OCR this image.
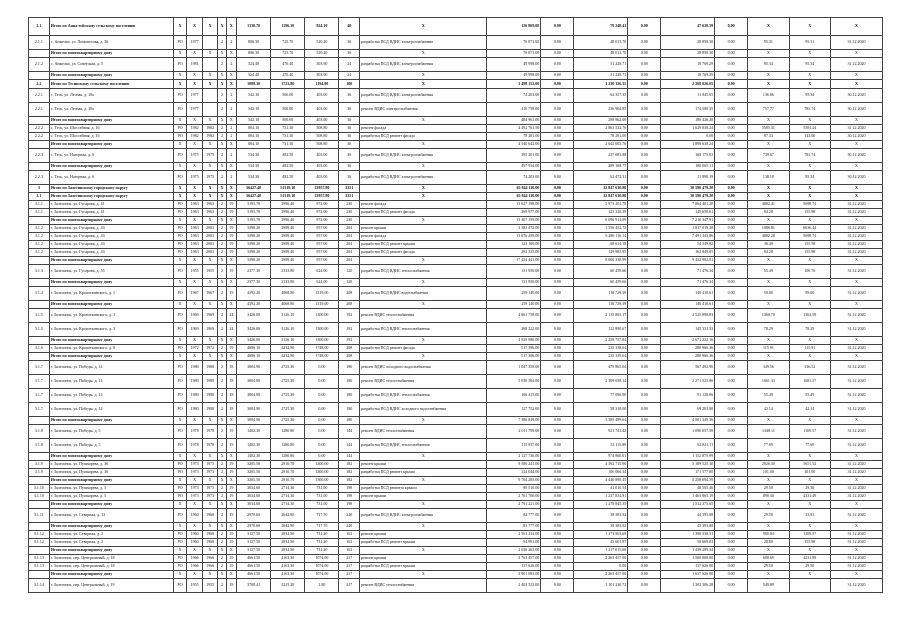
2.1	Итого по Анна-есйскому сельскому поселению	X	X	X	X	X	1330.70	1196.10	824.10	40	X	126 869.00	0.00	79 248.41	0.00	47 620.59	0.00	X	X	X
2.1.1	с. Анжелко, ул. Ломоносова, д. 36	РО	1977		2	2	806.30	725.70	520.20	36	разработка ПСД ВДИС электроснабжения	76 871.00	0.00	48 013.70	0.00	28 858.30	0.00	95.31	95.31	31.12.2020
	Итого по многоквартирному дому	X	X	X	X	X	806.30	725.70	520.20	36	X	76 871.00	0.00	48 013.70	0.00	28 858.30	0.00	X	X	X
2.1.2	с. Анжелко, ул. Советская, д. 5	РО	1981		2	2	524.40	470.40	303.90	24	разработка ПСД ВДИС электроснабжения	49 998.00	0.00	31 228.71	0.00	18 769.29	0.00	95.34	95.34	31.12.2020
	Итого по многоквартирному дому	X	X	X	X	X	524.40	470.40	303.90	24	X	49 998.00	0.00	31 228.71	0.00	18 769.29	0.00	X	X	X
2.2	Итого по Тесинскому сельскому поселению	X	X	X	X	X	1888.30	1723.80	1194.80	100	X	3 498 152.00	0.00	1 230 126.35	0.00	2 268 026.05	0.00	X	X	X
2.2.1	с. Тесь, ул. Лесная, д. 10а	РО	1977		2	2	542.10	500.00	403.00	36	разработка ПСД ВДИС электроснабжения	74 203.00	0.00	62 357.35	0.00	11 845.65	0.00	136.86	95.34	30.12.2020
2.2.1	с. Тесь, ул. Лесная, д. 10а	РО	1977		2	2	542.10	500.00	403.00	36	ремонт ВДИС электроснабжения	410 758.00	0.00	236 904.85	0.00	174 500.35	0.00	757.77	783.74	30.12.2020
	Итого по многоквартирному дому	X	X	X	X	X	542.10	500.00	403.00	36	X	484 961.00	0.00	298 862.00	0.00	186 426.20	0.00	X	X	X
2.2.2	с. Тесь, ул. Шоссейная, д. 16	РО	1982	1982	2	2	804.10	731.30	508.80	36	ремонт фасада	4 492 761.50	0.00	2 863 522.76	0.00	1 629 838.24	0.00	5585.31	5581.24	31.12.2020
2.2.2	с. Тесь, ул. Шоссейная, д. 16	РО	1982	1982	2	2	804.10	731.30	508.80	36	разработка ПСД ремонт фасада	78 281.00	0.00	78 281.00	0.00	0.00	0.00	97.33	143.00	30.12.2020
	Итого по многоквартирному дому	X	X	X	X	X	804.10	731.30	508.80	36	X	4 540 642.00	0.00	2 642 003.76	0.00	1 898 638.24	0.00	X	X	X
2.2.3	с. Тесь, ул. Нагорная, д. 6	РО	1975	1975	2	2	534.30	482.50	403.00	36	разработка ПСД ВДИС электроснабжения	395 201.00	0.00	227 083.88	0.00	168 175.02	0.00	739.67	783.74	30.12.2020
	Итого по многоквартирному дому	X	X	X	X	X	534.30	482.50	403.00	36	X	497 934.00	0.00	289 168.77	0.00	180 065.11	0.00	X	X	X
2.2.3	с. Тесь, ул. Нагорная, д. 6	РО	1975	1975	2	2	534.30	482.50	403.00	36	разработка ПСД ВДИС электроснабжения	74 203.00	0.00	62 472.31	0.00	11 890.19	0.00	138.18	95.34	30.12.2020
3	Итого по Залесинскому городскому округу	X	X	X	X	X	56427.40	51319.10	13957.80	3351	X	65 844 110.00	0.00	32 847 630.80	0.00	30 596 479.20	0.00	X	X	X
3.1	Итого по Залесинскому городскому округу	X	X	X	X	X	56427.40	51319.10	13957.80	3351	X	65 844 110.00	0.00	32 847 630.80	0.00	30 596 479.20	0.00	X	X	X
3.1.1	г. Залесинск, ул. Гусарова, д. 41	РО	1963	1963	2	19	3193.70	2996.40	972.00	230	ремонт фасада	13 027 198.00	0.00	5 973 201.78	0.00	7 064 401.20	0.00	4082.41	5698.74	31.12.2020
3.1.1	г. Залесинск, ул. Гусарова, д. 41	РО	1963	1963	2	19	3193.70	2996.40	972.00	230	разработка ПСД ремонт фасада	269 977.00	0.00	123 326.39	0.00	145 650.61	0.00	84.28	155.98	31.12.2020
	Итого по многоквартирному дому	X	X	X	X	X	3193.70	2996.40	972.00	230	X	13 307 159.00	0.00	6 096 914.09	0.00	7 210 347.91	0.00	X	X	X
3.1.2	г. Залесинск, ул. Гусарова, д. 43	РО	1963	2003	2	19	3398.20	2999.40	957.00	204	ремонт крыши	3 383 472.00	0.00	1 556 452.72	0.00	1 817 019.28	0.00	1086.81	6636.44	31.12.2020
3.1.2	г. Залесинск, ул. Гусарова, д. 43	РО	1963	2003	2	19	3398.20	2999.40	957.00	204	ремонт фасада	13 676 458.00	0.00	6 286 116.14	0.00	7 491 343.86	0.00	4082.28	5698.74	31.12.2020
3.1.2	г. Залесинск, ул. Гусарова, д. 43	РО	1963	2003	2	19	3398.20	2999.40	957.00	204	разработка ПСД ремонт крыши	123 100.00	0.00	68 614.18	0.00	54 549.82	0.00	36.49	155.58	31.12.2020
3.1.2	г. Залесинск, ул. Гусарова, д. 43	РО	1963	2003	2	19	3398.20	2999.40	957.00	204	разработка ПСД ремонт фасада	292 335.00	0.00	129 985.95	0.00	162 849.05	0.00	84.28	155.98	31.12.2020
	Итого по многоквартирному дому	X	X	X	X	X	3398.20	2999.40	957.00	204	X	17 434 441.00	0.00	8 000 338.99	0.00	9 432 982.01	0.00	X	X	X
3.1.3	г. Залесинск, ул. Гусарова, д. 55	РО	1955	1955	2	19	2377.30	2133.80	624.00	120	разработка ПСД ВДИС теплоснабжения	131 950.00	0.00	60 459.66	0.00	71 476.34	0.00	55.49	100.76	31.12.2020
	Итого по многоквартирному дому	X	X	X	X	X	2377.30	2133.80	624.00	120	X	131 950.00	0.00	60 459.66	0.00	71 476.34	0.00	X	X	X
3.1.4	г. Залесинск, ул. Кропоткинского, д. 1	РО	1967	1967	2	19	4392.20	4068.80	1319.00	208	разработка ПСД ВДИС водоснабжения	259 140.00	0.00	118 729.39	0.00	140 410.61	0.00	59.00	99.00	31.12.2020
	Итого по многоквартирному дому	X	X	X	X	X	4392.20	4068.80	1319.00	208	X	259 140.00	0.00	118 729.39	0.00	140 410.61	0.00	X	X	X
3.1.5	г. Залесинск, ул. Кропоткинского, д. 3	РО	1969	1969	2	24	3426.00	3126.10	1300.00	192	ремонт ВДИС теплоснабжения	4 661 758.00	0.00	2 135 865.17	0.00	2 525 890.83	0.00	1360.70	1362.59	31.12.2020
3.1.5	г. Залесинск, ул. Кропоткинского, д. 3	РО	1969	1969	2	24	3426.00	3126.10	1300.00	192	разработка ПСД ВДИС теплоснабжения	268 222.00	0.00	122 890.67	0.00	145 331.33	0.00	78.29	78.29	31.12.2020
	Итого по многоквартирному дому	X	X	X	X	X	3426.00	3126.10	1300.00	192	X	4 929 980.00	0.00	2 258 757.84	0.00	2 671 222.16	0.00	X	X	X
3.1.6	г. Залесинск, ул. Кропоткинского, д. 8	РО	1972	1972	2	19	4686.10	4232.90	1748.00	208	разработка ПСД ремонт фасада	517 396.00	0.00	235 338.64	0.00	280 966.36	0.00	115.91	115.91	31.12.2020
	Итого по многоквартирному дому	X	X	X	X	X	4686.10	4232.90	1748.00	208	X	517 306.00	0.00	235 339.64	0.00	280 966.36	0.00	X	X	X
3.1.7	г. Залесинск, ул. Победы, д. 14	РО	1980	1980	2	18	3004.90	2725.30	0.00	180	ремонт ВДИС холодного водоснабжения	1 047 358.00	0.00	479 865.04	0.00	567 492.96	0.00	349.56	336.52	31.12.2020
3.1.7	г. Залесинск, ул. Победы, д. 14	РО	1980	1980	2	18	3004.90	2725.30	0.00	180	ремонт ВДИС теплоснабжения	5 050 584.00	0.00	2 309 058.14	0.00	2 271 525.86	0.00	1661.33	1681.57	31.12.2020
3.1.7	г. Залесинск, ул. Победы, д. 14	РО	1980	1980	2	18	3004.90	2725.30	0.00	180	разработка ПСД ВДИС теплоснабжения	166 415.00	0.00	77 096.90	0.00	91 128.06	0.00	55.49	55.49	31.12.2020
3.1.7	г. Залесинск, ул. Победы, д. 14	РО	1980	1980	2	18	3004.90	2725.30	0.00	180	разработка ПСД ВДИС холодного водоснабжения	127 752.00	0.00	58 318.00	0.00	69 203.00	0.00	42.14	42.14	31.12.2020
	Итого по многоквартирному дому	X	X	X	X	X	3004.90	2725.30	0.00	180	X	7 386 849.00	0.00	3 385 499.64	0.00	4 001 349.36	0.00	X	X	X
3.1.8	г. Залесинск, ул. Победы, д. 5	РО	1978	1978	2	19	1402.30	1280.80	0.00	144	ремонт ВДИС теплоснабжения	2 011 799.00	0.00	921 741.42	0.00	1 090 057.58	0.00	1348.11	1109.57	31.12.2020
3.1.8	г. Залесинск, ул. Победы, д. 5	РО	1978	1978	2	19	1402.30	1280.80	0.00	144	разработка ПСД ВДИС теплоснабжения	115 937.00	0.00	53 115.89	0.00	62 821.11	0.00	77.69	77.69	31.12.2020
	Итого по многоквартирному дому	X	X	X	X	X	1402.30	1280.80	0.00	144	X	2 127 736.00	0.00	974 860.01	0.00	1 152 875.99	0.00	X	X	X
3.1.9	г. Залесинск, ул. Пушкарева, д. 36	РО	1973	1973	2	19	3205.50	2910.70	1300.00	182	ремонт крыши	9 580 241.00	0.00	4 392 715.90	0.00	5 189 525.10	0.00	2926.30	5651.52	31.12.2020
3.1.9	г. Залесинск, ул. Пушкарева, д. 36	РО	1973	1973	2	19	3205.50	2910.70	1300.00	182	разработка ПСД ремонт крыши	124 044.00	0.00	106 066.34	0.00	171 577.00	0.00	101.00	101.00	31.12.2020
	Итого по многоквартирному дому	X	X	X	X	X	3205.50	2910.70	1300.00	182	X	9 704 285.00	0.00	4 446 890.45	0.00	5 258 094.59	0.00	X	X	X
3.1.10	г. Залесинск, ул. Пушкарева, д. 5	РО	1973	1973	2	19	3034.60	2714.30	731.00	198	разработка ПСД ремонта крыши	89 510.00	0.00	41 010.54	0.00	48 505.46	0.00	29.50	29.50	31.12.2020
3.1.10	г. Залесинск, ул. Пушкарева, д. 5	РО	1973	1973	2	19	3034.60	2714.30	731.00	198	ремонт крыши	2 701 700.00	0.00	1 237 834.81	0.00	1 463 865.19	0.00	890.30	4331.49	31.12.2020
	Итого по многоквартирному дому	X	X	X	X	X	3034.60	2714.30	731.00	198	X	2 791 221.00	0.00	1 278 845.35	0.00	1 512 375.65	0.00	X	X	X
3.1.11	г. Залесинск, ул. Северная, д. 13	РО	1960	1960	2	19	2970.60	2642.90	717.70	240	разработка ПСД ВДИС электроснабжения	82 777.00	0.00	38 383.92	0.00	44 393.08	0.00	29.50	33.93	31.12.2020
	Итого по многоквартирному дому	X	X	X	X	X	2970.60	2642.90	717.70	240	X	83 777.00	0.00	38 383.92	0.00	45 393.08	0.00	X	X	X
3.1.12	г. Залесинск, ул. Северная, д. 2	РО	1960	1960	2	19	3127.50	2832.50	731.20	162	ремонт крыши	2 561 234.00	0.00	1 173 563.69	0.00	1 390 330.31	0.00	900.84	1109.57	31.12.2020
3.1.12	г. Залесинск, ул. Северная, д. 2	РО	1960	1960	2	19	3127.50	2832.50	731.20	162	разработка ПСД ремонт крыши	94 991.00	0.00	43 601.97	0.00	50 669.03	0.00	28.80	155.98	31.12.2020
	Итого по многоквартирному дому	X	X	X	X	X	3127.50	2832.50	731.20	162	X	2 656 265.00	0.00	1 217 015.66	0.00	1 439 209.34	0.00	X	X	X
3.1.13	г. Залесинск, пер. Центральный, д. 18	РО	1966	1966	2	19	4661.50	4163.30	1074.00	237	ремонт крыши	3 763 457.00	0.00	2 263 457.00	0.00	1 500 000.00	0.00	600.69	4231.89	31.12.2020
3.1.13	г. Залесинск, пер. Центральный, д. 18	РО	1966	1966	2	19	4661.50	4163.30	1074.00	237	разработка ПСД ремонт крыши	137 626.00	0.00	0.00	0.00	137 626.00	0.00	29.50	29.50	31.12.2020
	Итого по многоквартирному дому	X	X	X	X	X	4661.50	4163.30	1074.00	237	X	3 901 083.00	0.00	2 263 457.00	0.00	1 637 626.00	0.00	X	X	X
3.1.14	г. Залесинск, пер. Центральный, д. 19	РО	1955	1955	2	19	3708.41	3215.20	1.80	217	ремонт ВДИС теплоснабжения	2 403 523.00	0.00	1 101 216.72	0.00	1 302 306.28	0.00	549.89		31.12.2020
